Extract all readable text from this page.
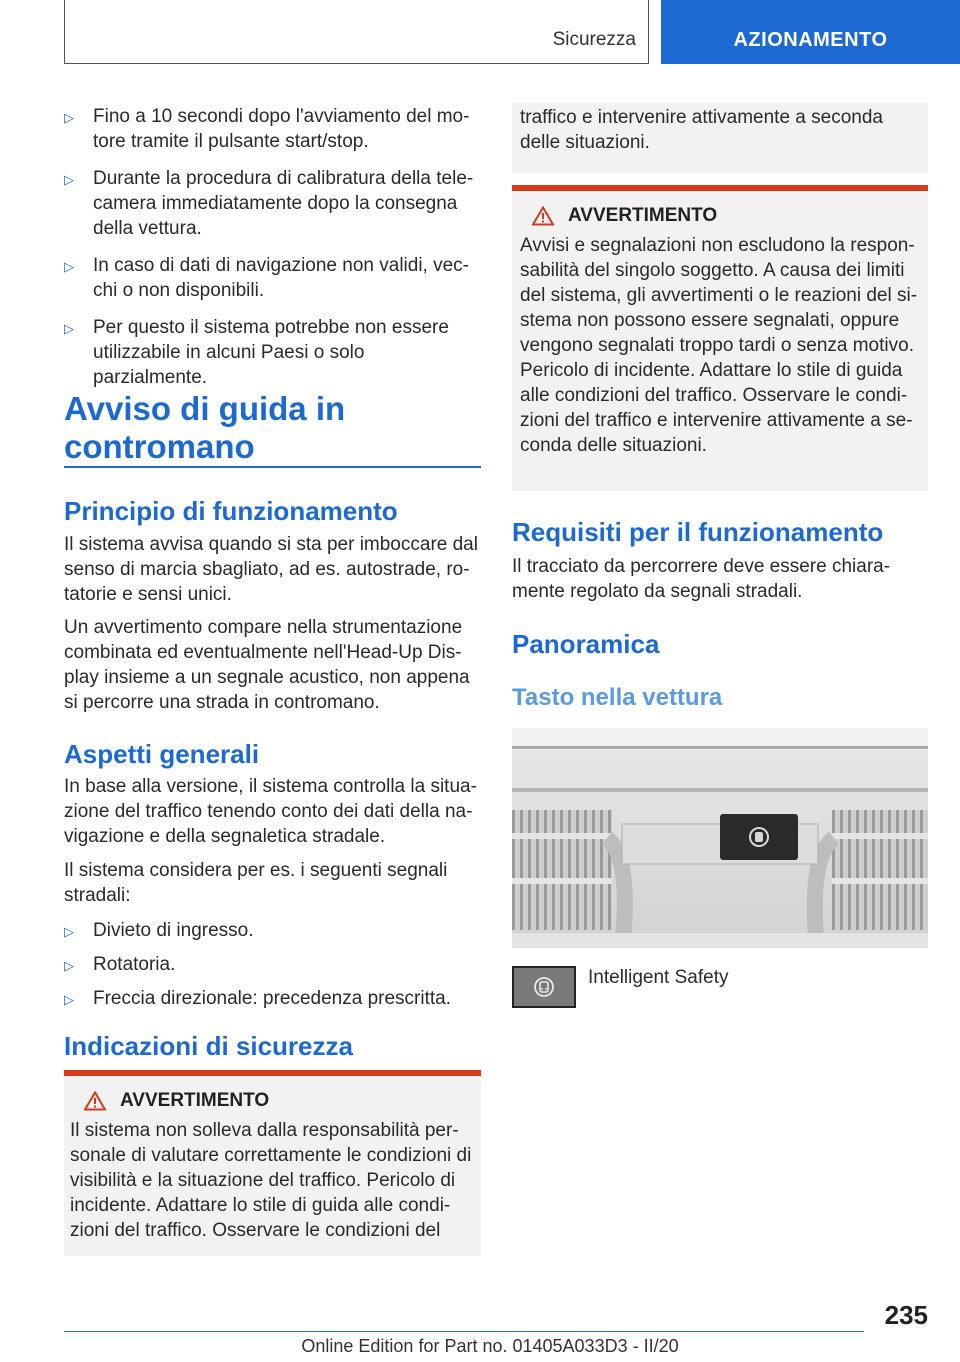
Sicurezza	AZIONAMENTO
▷ Fino a 10 secondi dopo l'avviamento del mo-tore tramite il pulsante start/stop.
▷ Durante la procedura di calibratura della tele-camera immediatamente dopo la consegna della vettura.
▷ In caso di dati di navigazione non validi, vec-chi o non disponibili.
▷ Per questo il sistema potrebbe non essere utilizzabile in alcuni Paesi o solo parzialmente.
Avviso di guida in contromano
Principio di funzionamento

Il sistema avvisa quando si sta per imboccare dal senso di marcia sbagliato, ad es. autostrade, ro-tatorie e sensi unici.

Un avvertimento compare nella strumentazione combinata ed eventualmente nell'Head-Up Dis-play insieme a un segnale acustico, non appena si percorre una strada in contromano.

Aspetti generali

In base alla versione, il sistema controlla la situa-zione del traffico tenendo conto dei dati della na-vigazione e della segnaletica stradale.

Il sistema considera per es. i seguenti segnali stradali:

▷ Divieto di ingresso.
▷ Rotatoria.
▷ Freccia direzionale: precedenza prescritta.
Indicazioni di sicurezza
AVVERTIMENTO

Il sistema non solleva dalla responsabilità per-sonale di valutare correttamente le condizioni di visibilità e la situazione del traffico. Pericolo di incidente. Adattare lo stile di guida alle condi-zioni del traffico. Osservare le condizioni del

traffico e intervenire attivamente a seconda delle situazioni.

AVVERTIMENTO

Avvisi e segnalazioni non escludono la respon-sabilità del singolo soggetto. A causa dei limiti del sistema, gli avvertimenti o le reazioni del si-stema non possono essere segnalati, oppure vengono segnalati troppo tardi o senza motivo. Pericolo di incidente. Adattare lo stile di guida alle condizioni del traffico. Osservare le condi-zioni del traffico e intervenire attivamente a se-conda delle situazioni.

Requisiti per il funzionamento

Il tracciato da percorrere deve essere chiara-mente regolato da segnali stradali.

Panoramica
Tasto nella vettura
Intelligent Safety
235
Online Edition for Part no. 01405A033D3 - II/20
